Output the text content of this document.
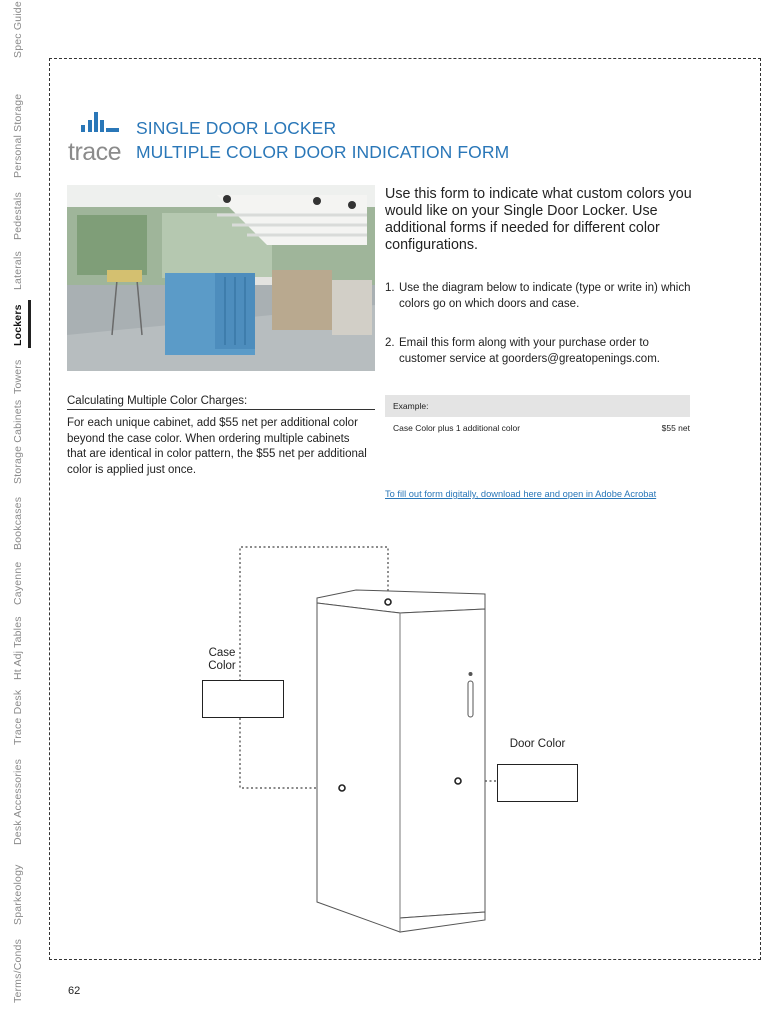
Spec Guide
Personal Storage
Pedestals
Laterals
Lockers
Towers
Storage Cabinets
Bookcases
Cayenne
Ht Adj Tables
Trace Desk
Desk Accessories
Sparkeology
Terms/Conds
trace
SINGLE DOOR LOCKER
MULTIPLE COLOR DOOR INDICATION FORM
Use this form to indicate what custom colors you would like on your Single Door Locker. Use additional forms if needed for different color configurations.
1. Use the diagram below to indicate (type or write in) which colors go on which doors and case.
2. Email this form along with your purchase order to customer service at goorders@greatopenings.com.
Calculating Multiple Color Charges:
For each unique cabinet, add $55 net per additional color beyond the case color. When ordering multiple cabinets that are identical in color pattern, the $55 net per additional color is applied just once.
Example:
Case Color plus 1 additional color	$55 net
To fill out form digitally, download here and open in Adobe Acrobat
Case
Color
Door Color
62
